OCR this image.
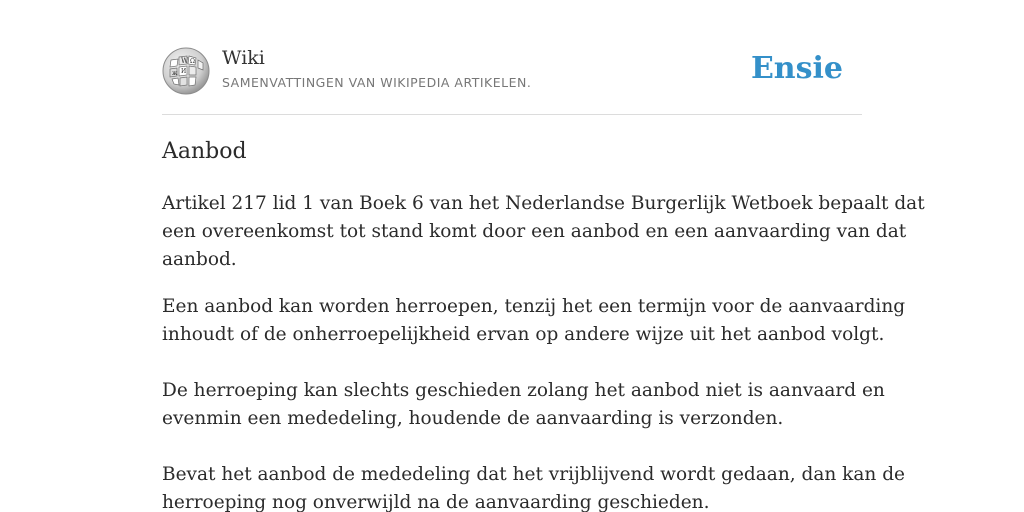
W Ω
И
ж
Wiki
SAMENVATTINGEN VAN WIKIPEDIA ARTIKELEN.	Ensie
Aanbod

Artikel 217 lid 1 van Boek 6 van het Nederlandse Burgerlijk Wetboek bepaalt dat

een overeenkomst tot stand komt door een aanbod en een aanvaarding van dat

aanbod.

Een aanbod kan worden herroepen, tenzij het een termijn voor de aanvaarding

inhoudt of de onherroepelijkheid ervan op andere wijze uit het aanbod volgt.

De herroeping kan slechts geschieden zolang het aanbod niet is aanvaard en

evenmin een mededeling, houdende de aanvaarding is verzonden.

Bevat het aanbod de mededeling dat het vrijblijvend wordt gedaan, dan kan de

herroeping nog onverwijld na de aanvaarding geschieden.
